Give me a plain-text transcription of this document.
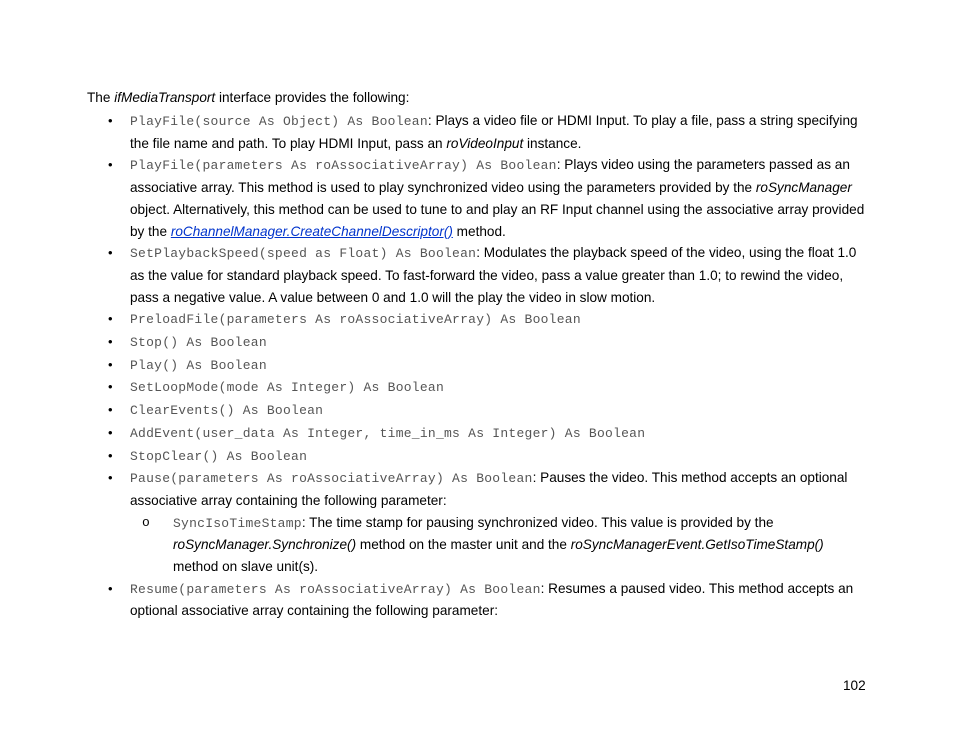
The ifMediaTransport interface provides the following:

• PlayFile(source As Object) As Boolean: Plays a video file or HDMI Input. To play a file, pass a string specifying the file name and path. To play HDMI Input, pass an roVideoInput instance.
• PlayFile(parameters As roAssociativeArray) As Boolean: Plays video using the parameters passed as an associative array. This method is used to play synchronized video using the parameters provided by the roSyncManager object. Alternatively, this method can be used to tune to and play an RF Input channel using the associative array provided by the roChannelManager.CreateChannelDescriptor() method.
• SetPlaybackSpeed(speed as Float) As Boolean: Modulates the playback speed of the video, using the float 1.0 as the value for standard playback speed. To fast-forward the video, pass a value greater than 1.0; to rewind the video, pass a negative value. A value between 0 and 1.0 will the play the video in slow motion.
• PreloadFile(parameters As roAssociativeArray) As Boolean
• Stop() As Boolean
• Play() As Boolean
• SetLoopMode(mode As Integer) As Boolean
• ClearEvents() As Boolean
• AddEvent(user_data As Integer, time_in_ms As Integer) As Boolean
• StopClear() As Boolean
• Pause(parameters As roAssociativeArray) As Boolean: Pauses the video. This method accepts an optional associative array containing the following parameter:
o SyncIsoTimeStamp: The time stamp for pausing synchronized video. This value is provided by the roSyncManager.Synchronize() method on the master unit and the roSyncManagerEvent.GetIsoTimeStamp() method on slave unit(s).
• Resume(parameters As roAssociativeArray) As Boolean: Resumes a paused video. This method accepts an optional associative array containing the following parameter:

102
